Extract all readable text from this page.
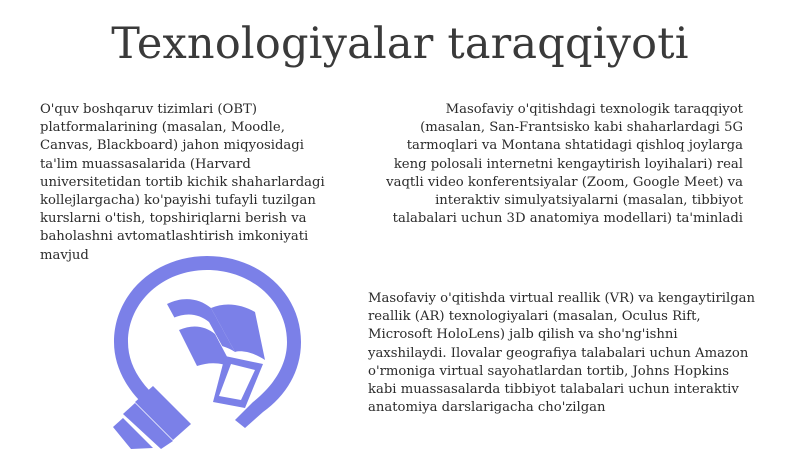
Texnologiyalar taraqqiyoti
O'quv boshqaruv tizimlari (OBT) platformalarining (masalan, Moodle, Canvas, Blackboard) jahon miqyosidagi ta'lim muassasalarida (Harvard universitetidan tortib kichik shaharlardagi kollejlargacha) ko'payishi tufayli tuzilgan kurslarni o'tish, topshiriqlarni berish va baholashni avtomatlashtirish imkoniyati mavjud
Masofaviy o'qitishdagi texnologik taraqqiyot (masalan, San-Frantsisko kabi shaharlardagi 5G tarmoqlari va Montana shtatidagi qishloq joylarga keng polosali internetni kengaytirish loyihalari) real vaqtli video konferentsiyalar (Zoom, Google Meet) va interaktiv simulyatsiyalarni (masalan, tibbiyot talabalari uchun 3D anatomiya modellari) ta'minladi
Masofaviy o'qitishda virtual reallik (VR) va kengaytirilgan reallik (AR) texnologiyalari (masalan, Oculus Rift, Microsoft HoloLens) jalb qilish va sho'ng'ishni yaxshilaydi. Ilovalar geografiya talabalari uchun Amazon o'rmoniga virtual sayohatlardan tortib, Johns Hopkins kabi muassasalarda tibbiyot talabalari uchun interaktiv anatomiya darslarigacha cho'zilgan
